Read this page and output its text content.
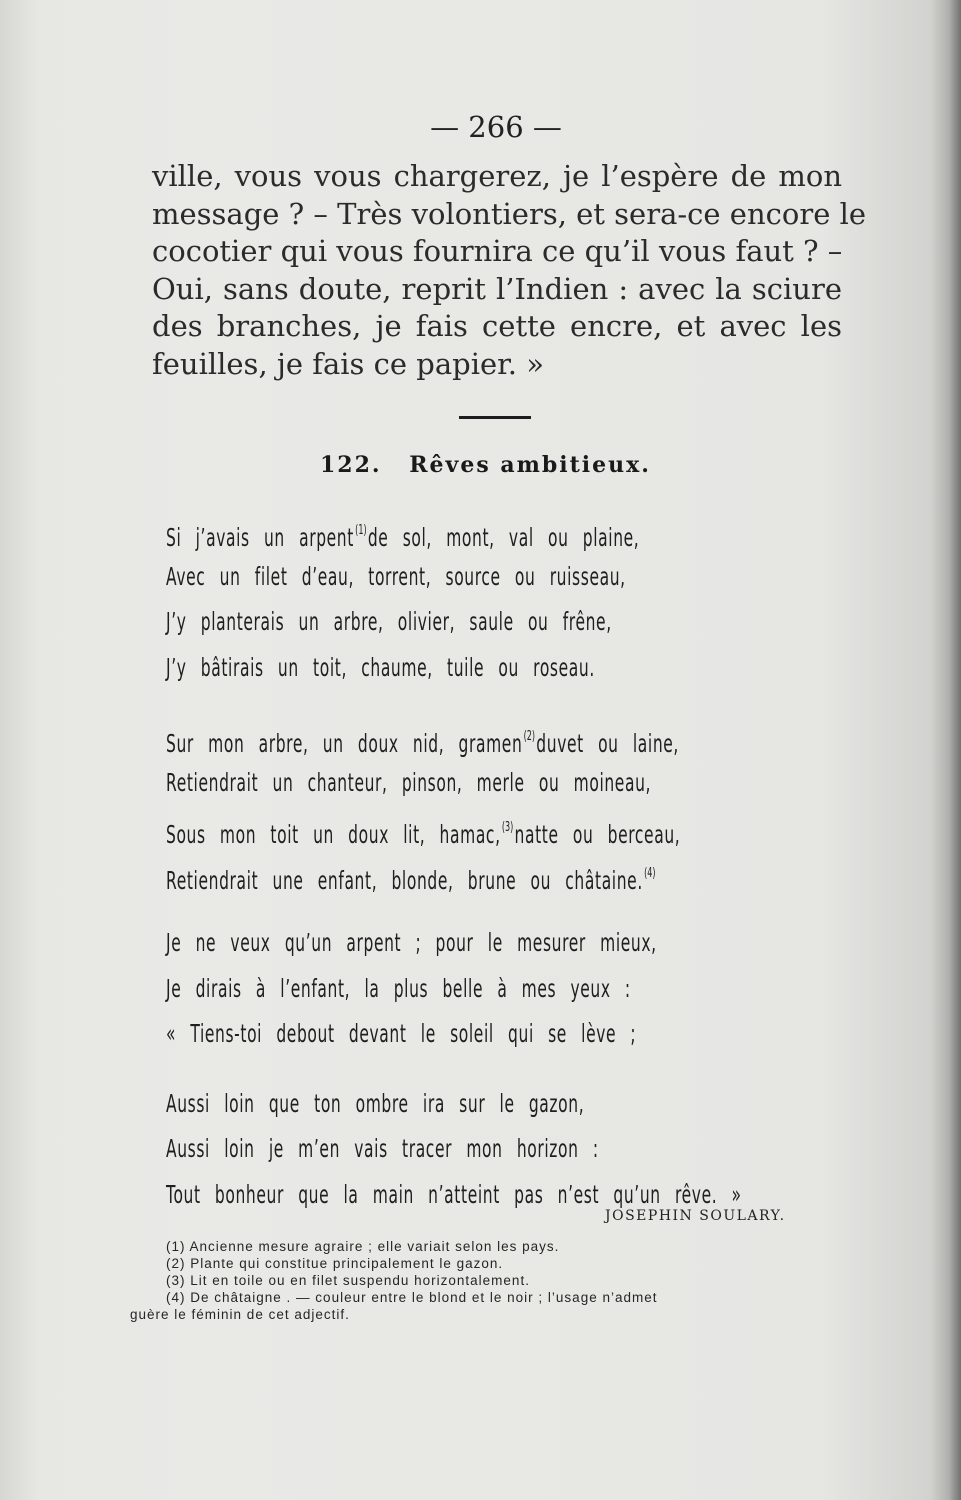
— 266 —
ville, vous vous chargerez, je l’espère de mon
message ? – Très volontiers, et sera-ce encore le
cocotier qui vous fournira ce qu’il vous faut ? –
Oui, sans doute, reprit l’Indien : avec la sciure
des branches, je fais cette encre, et avec les
feuilles, je fais ce papier. »
122. Rêves ambitieux.
Si j’avais un arpent$^{(1)}$de sol, mont, val ou plaine,
Avec un filet d’eau, torrent, source ou ruisseau,
J’y planterais un arbre, olivier, saule ou frêne,
J’y bâtirais un toit, chaume, tuile ou roseau.
Sur mon arbre, un doux nid, gramen$^{(2)}$duvet ou laine,
Retiendrait un chanteur, pinson, merle ou moineau,
Sous mon toit un doux lit, hamac,$^{(3)}$natte ou berceau,
Retiendrait une enfant, blonde, brune ou châtaine.$^{(4)}$
Je ne veux qu’un arpent ; pour le mesurer mieux,
Je dirais à l’enfant, la plus belle à mes yeux :
« Tiens-toi debout devant le soleil qui se lève ;
Aussi loin que ton ombre ira sur le gazon,
Aussi loin je m’en vais tracer mon horizon :
Tout bonheur que la main n’atteint pas n’est qu’un rêve. »
JOSEPHIN SOULARY.
(1) Ancienne mesure agraire ; elle variait selon les pays.
(2) Plante qui constitue principalement le gazon.
(3) Lit en toile ou en filet suspendu horizontalement.
(4) De châtaigne . — couleur entre le blond et le noir ; l’usage n’admet
guère le féminin de cet adjectif.
